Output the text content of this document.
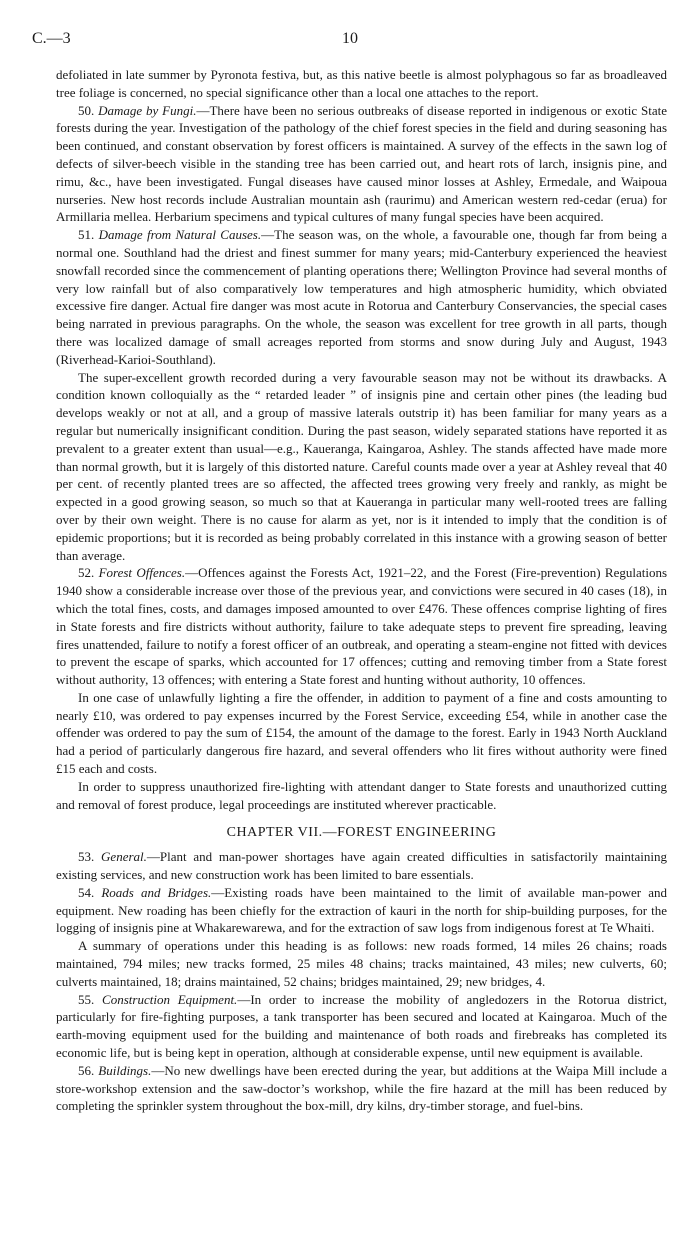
C.—3	10

defoliated in late summer by Pyronota festiva, but, as this native beetle is almost polyphagous so far as broadleaved tree foliage is concerned, no special significance other than a local one attaches to the report.

50. Damage by Fungi.—There have been no serious outbreaks of disease reported in indigenous or exotic State forests during the year. Investigation of the pathology of the chief forest species in the field and during seasoning has been continued, and constant observation by forest officers is maintained. A survey of the effects in the sawn log of defects of silver-beech visible in the standing tree has been carried out, and heart rots of larch, insignis pine, and rimu, &c., have been investigated. Fungal diseases have caused minor losses at Ashley, Ermedale, and Waipoua nurseries. New host records include Australian mountain ash (raurimu) and American western red-cedar (erua) for Armillaria mellea. Herbarium specimens and typical cultures of many fungal species have been acquired.

51. Damage from Natural Causes.—The season was, on the whole, a favourable one, though far from being a normal one. Southland had the driest and finest summer for many years; mid-Canterbury experienced the heaviest snowfall recorded since the commencement of planting operations there; Wellington Province had several months of very low rainfall but of also comparatively low temperatures and high atmospheric humidity, which obviated excessive fire danger. Actual fire danger was most acute in Rotorua and Canterbury Conservancies, the special cases being narrated in previous paragraphs. On the whole, the season was excellent for tree growth in all parts, though there was localized damage of small acreages reported from storms and snow during July and August, 1943 (Riverhead-Karioi-Southland).

The super-excellent growth recorded during a very favourable season may not be without its drawbacks. A condition known colloquially as the “ retarded leader ” of insignis pine and certain other pines (the leading bud develops weakly or not at all, and a group of massive laterals outstrip it) has been familiar for many years as a regular but numerically insignificant condition. During the past season, widely separated stations have reported it as prevalent to a greater extent than usual—e.g., Kaueranga, Kaingaroa, Ashley. The stands affected have made more than normal growth, but it is largely of this distorted nature. Careful counts made over a year at Ashley reveal that 40 per cent. of recently planted trees are so affected, the affected trees growing very freely and rankly, as might be expected in a good growing season, so much so that at Kaueranga in particular many well-rooted trees are falling over by their own weight. There is no cause for alarm as yet, nor is it intended to imply that the condition is of epidemic proportions; but it is recorded as being probably correlated in this instance with a growing season of better than average.

52. Forest Offences.—Offences against the Forests Act, 1921–22, and the Forest (Fire-prevention) Regulations 1940 show a considerable increase over those of the previous year, and convictions were secured in 40 cases (18), in which the total fines, costs, and damages imposed amounted to over £476. These offences comprise lighting of fires in State forests and fire districts without authority, failure to take adequate steps to prevent fire spreading, leaving fires unattended, failure to notify a forest officer of an outbreak, and operating a steam-engine not fitted with devices to prevent the escape of sparks, which accounted for 17 offences; cutting and removing timber from a State forest without authority, 13 offences; with entering a State forest and hunting without authority, 10 offences.

In one case of unlawfully lighting a fire the offender, in addition to payment of a fine and costs amounting to nearly £10, was ordered to pay expenses incurred by the Forest Service, exceeding £54, while in another case the offender was ordered to pay the sum of £154, the amount of the damage to the forest. Early in 1943 North Auckland had a period of particularly dangerous fire hazard, and several offenders who lit fires without authority were fined £15 each and costs.

In order to suppress unauthorized fire-lighting with attendant danger to State forests and unauthorized cutting and removal of forest produce, legal proceedings are instituted wherever practicable.

CHAPTER VII.—FOREST ENGINEERING

53. General.—Plant and man-power shortages have again created difficulties in satisfactorily maintaining existing services, and new construction work has been limited to bare essentials.

54. Roads and Bridges.—Existing roads have been maintained to the limit of available man-power and equipment. New roading has been chiefly for the extraction of kauri in the north for ship-building purposes, for the logging of insignis pine at Whakarewarewa, and for the extraction of saw logs from indigenous forest at Te Whaiti.

A summary of operations under this heading is as follows: new roads formed, 14 miles 26 chains; roads maintained, 794 miles; new tracks formed, 25 miles 48 chains; tracks maintained, 43 miles; new culverts, 60; culverts maintained, 18; drains maintained, 52 chains; bridges maintained, 29; new bridges, 4.

55. Construction Equipment.—In order to increase the mobility of angledozers in the Rotorua district, particularly for fire-fighting purposes, a tank transporter has been secured and located at Kaingaroa. Much of the earth-moving equipment used for the building and maintenance of both roads and firebreaks has completed its economic life, but is being kept in operation, although at considerable expense, until new equipment is available.

56. Buildings.—No new dwellings have been erected during the year, but additions at the Waipa Mill include a store-workshop extension and the saw-doctor’s workshop, while the fire hazard at the mill has been reduced by completing the sprinkler system throughout the box-mill, dry kilns, dry-timber storage, and fuel-bins.
